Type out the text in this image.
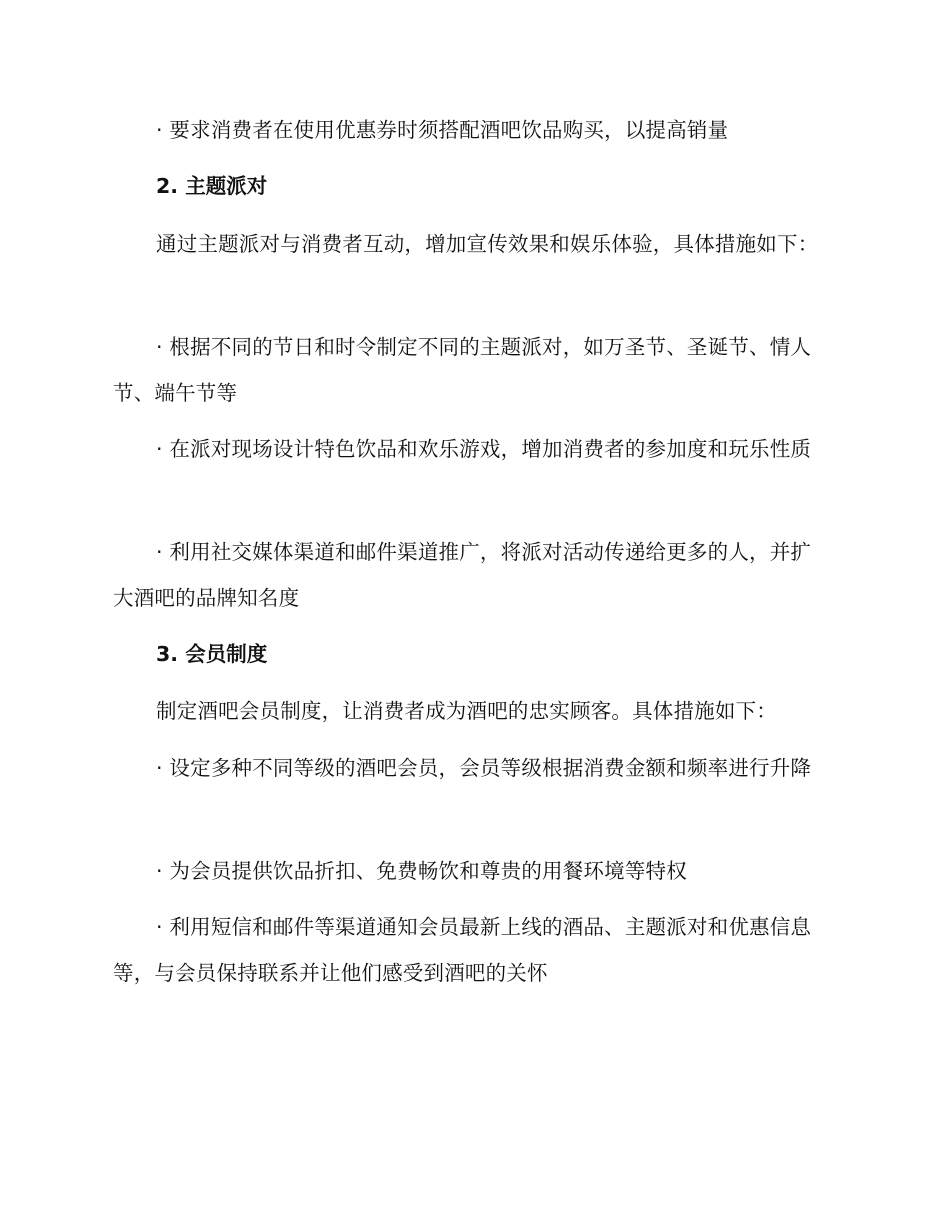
· 要求消费者在使用优惠券时须搭配酒吧饮品购买，以提高销量

2. 主题派对

通过主题派对与消费者互动，增加宣传效果和娱乐体验，具体措施如下：

· 根据不同的节日和时令制定不同的主题派对，如万圣节、圣诞节、情人节、端午节等

· 在派对现场设计特色饮品和欢乐游戏，增加消费者的参加度和玩乐性质

· 利用社交媒体渠道和邮件渠道推广，将派对活动传递给更多的人，并扩大酒吧的品牌知名度

3. 会员制度

制定酒吧会员制度，让消费者成为酒吧的忠实顾客。具体措施如下：

· 设定多种不同等级的酒吧会员，会员等级根据消费金额和频率进行升降

· 为会员提供饮品折扣、免费畅饮和尊贵的用餐环境等特权

· 利用短信和邮件等渠道通知会员最新上线的酒品、主题派对和优惠信息等，与会员保持联系并让他们感受到酒吧的关怀
